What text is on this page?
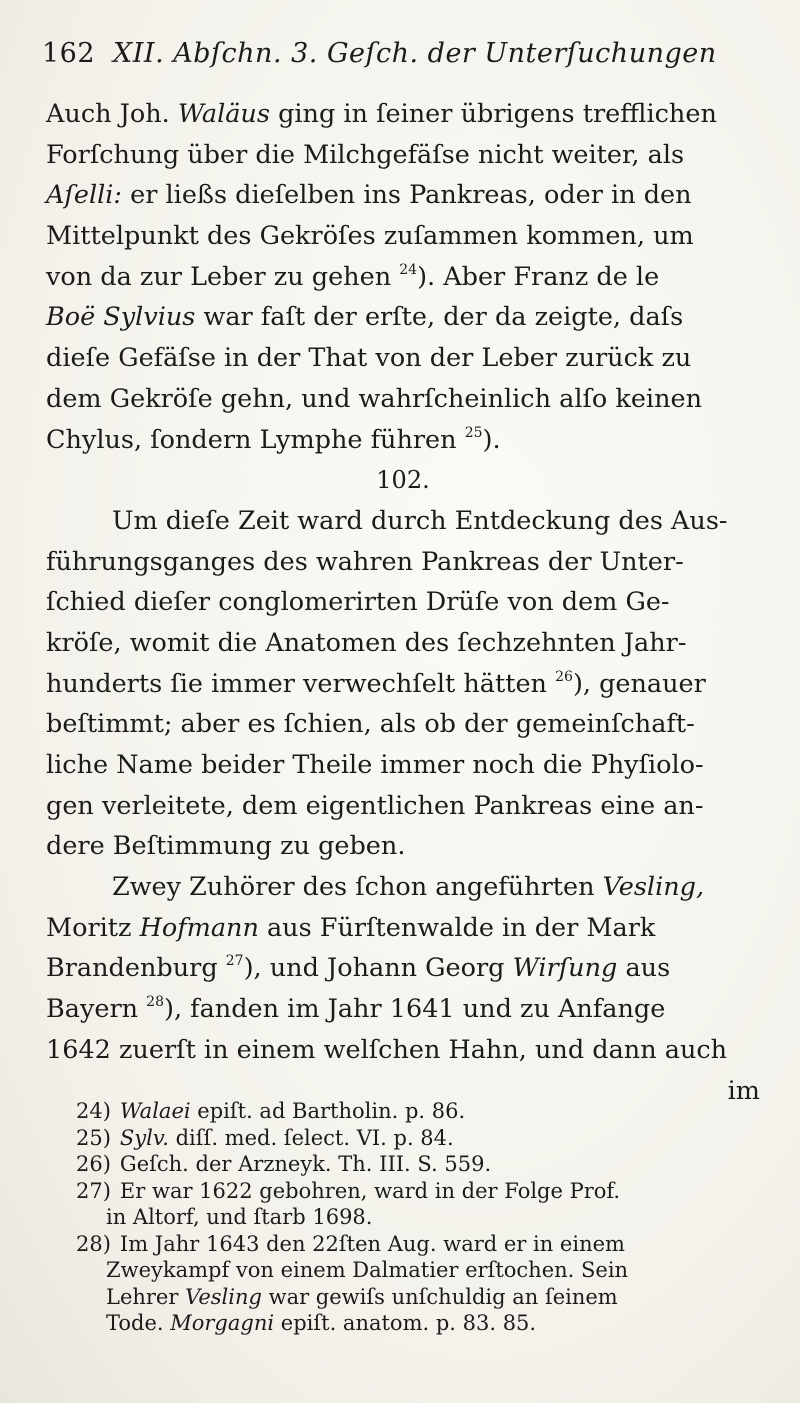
162 XII. Abſchn. 3. Geſch. der Unterſuchungen
Auch Joh. Waläus ging in ſeiner übrigens trefflichen
Forſchung über die Milchgefäſse nicht weiter, als
Aſelli: er ließs dieſelben ins Pankreas, oder in den
Mittelpunkt des Gekröſes zuſammen kommen, um
von da zur Leber zu gehen $^{24}$). Aber Franz de le
Boë Sylvius war faſt der erſte, der da zeigte, daſs
dieſe Gefäſse in der That von der Leber zurück zu
dem Gekröſe gehn, und wahrſcheinlich alſo keinen
Chylus, ſondern Lymphe führen $^{25}$).
102.
Um dieſe Zeit ward durch Entdeckung des Aus-
führungsganges des wahren Pankreas der Unter-
ſchied dieſer conglomerirten Drüſe von dem Ge-
kröſe, womit die Anatomen des ſechzehnten Jahr-
hunderts ſie immer verwechſelt hätten $^{26}$), genauer
beſtimmt; aber es ſchien, als ob der gemeinſchaft-
liche Name beider Theile immer noch die Phyſiolo-
gen verleitete, dem eigentlichen Pankreas eine an-
dere Beſtimmung zu geben.
Zwey Zuhörer des ſchon angeführten Vesling,
Moritz Hofmann aus Fürſtenwalde in der Mark
Brandenburg $^{27}$), und Johann Georg Wirſung aus
Bayern $^{28}$), fanden im Jahr 1641 und zu Anfange
1642 zuerſt in einem welſchen Hahn, und dann auch
im
24) Walaei epiſt. ad Bartholin. p. 86.
25) Sylv. diſſ. med. ſelect. VI. p. 84.
26) Geſch. der Arzneyk. Th. III. S. 559.
27) Er war 1622 gebohren, ward in der Folge Prof.
in Altorf, und ſtarb 1698.
28) Im Jahr 1643 den 22ſten Aug. ward er in einem
Zweykampf von einem Dalmatier erſtochen. Sein
Lehrer Vesling war gewiſs unſchuldig an ſeinem
Tode. Morgagni epiſt. anatom. p. 83. 85.
